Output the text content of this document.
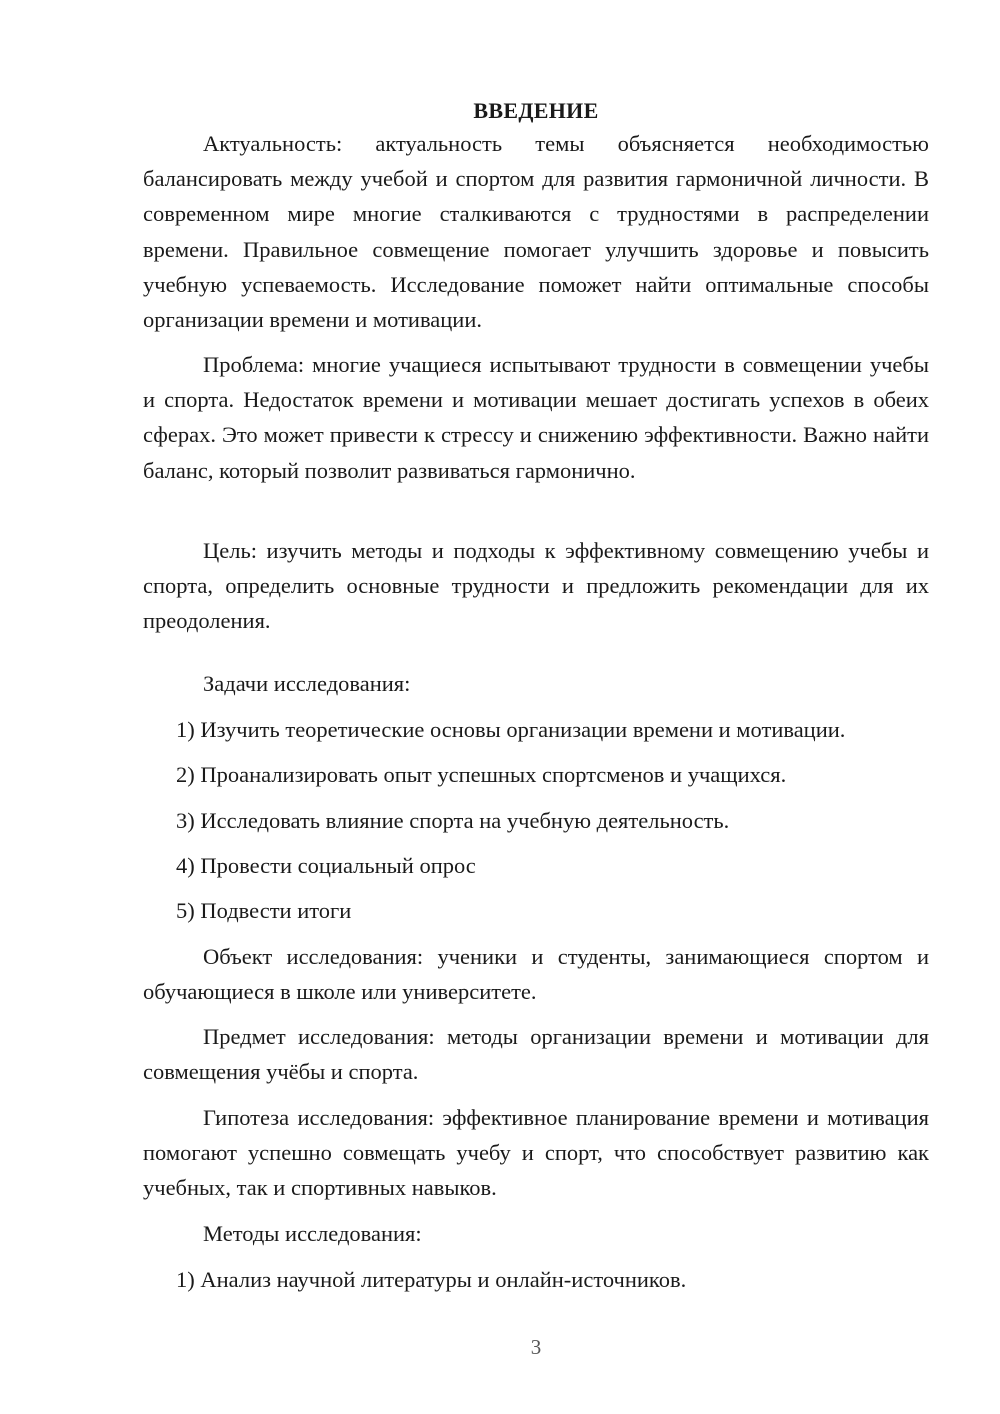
ВВЕДЕНИЕ

Актуальность: актуальность темы объясняется необходимостью балансировать между учебой и спортом для развития гармоничной личности. В современном мире многие сталкиваются с трудностями в распределении времени. Правильное совмещение помогает улучшить здоровье и повысить учебную успеваемость. Исследование поможет найти оптимальные способы организации времени и мотивации.

Проблема: многие учащиеся испытывают трудности в совмещении учебы и спорта. Недостаток времени и мотивации мешает достигать успехов в обеих сферах. Это может привести к стрессу и снижению эффективности. Важно найти баланс, который позволит развиваться гармонично.

Цель: изучить методы и подходы к эффективному совмещению учебы и спорта, определить основные трудности и предложить рекомендации для их преодоления.

Задачи исследования:

1) Изучить теоретические основы организации времени и мотивации.
2) Проанализировать опыт успешных спортсменов и учащихся.
3) Исследовать влияние спорта на учебную деятельность.
4) Провести социальный опрос
5) Подвести итоги

Объект исследования: ученики и студенты, занимающиеся спортом и обучающиеся в школе или университете.

Предмет исследования: методы организации времени и мотивации для совмещения учёбы и спорта.

Гипотеза исследования: эффективное планирование времени и мотивация помогают успешно совмещать учебу и спорт, что способствует развитию как учебных, так и спортивных навыков.

Методы исследования:

1) Анализ научной литературы и онлайн-источников.
3
